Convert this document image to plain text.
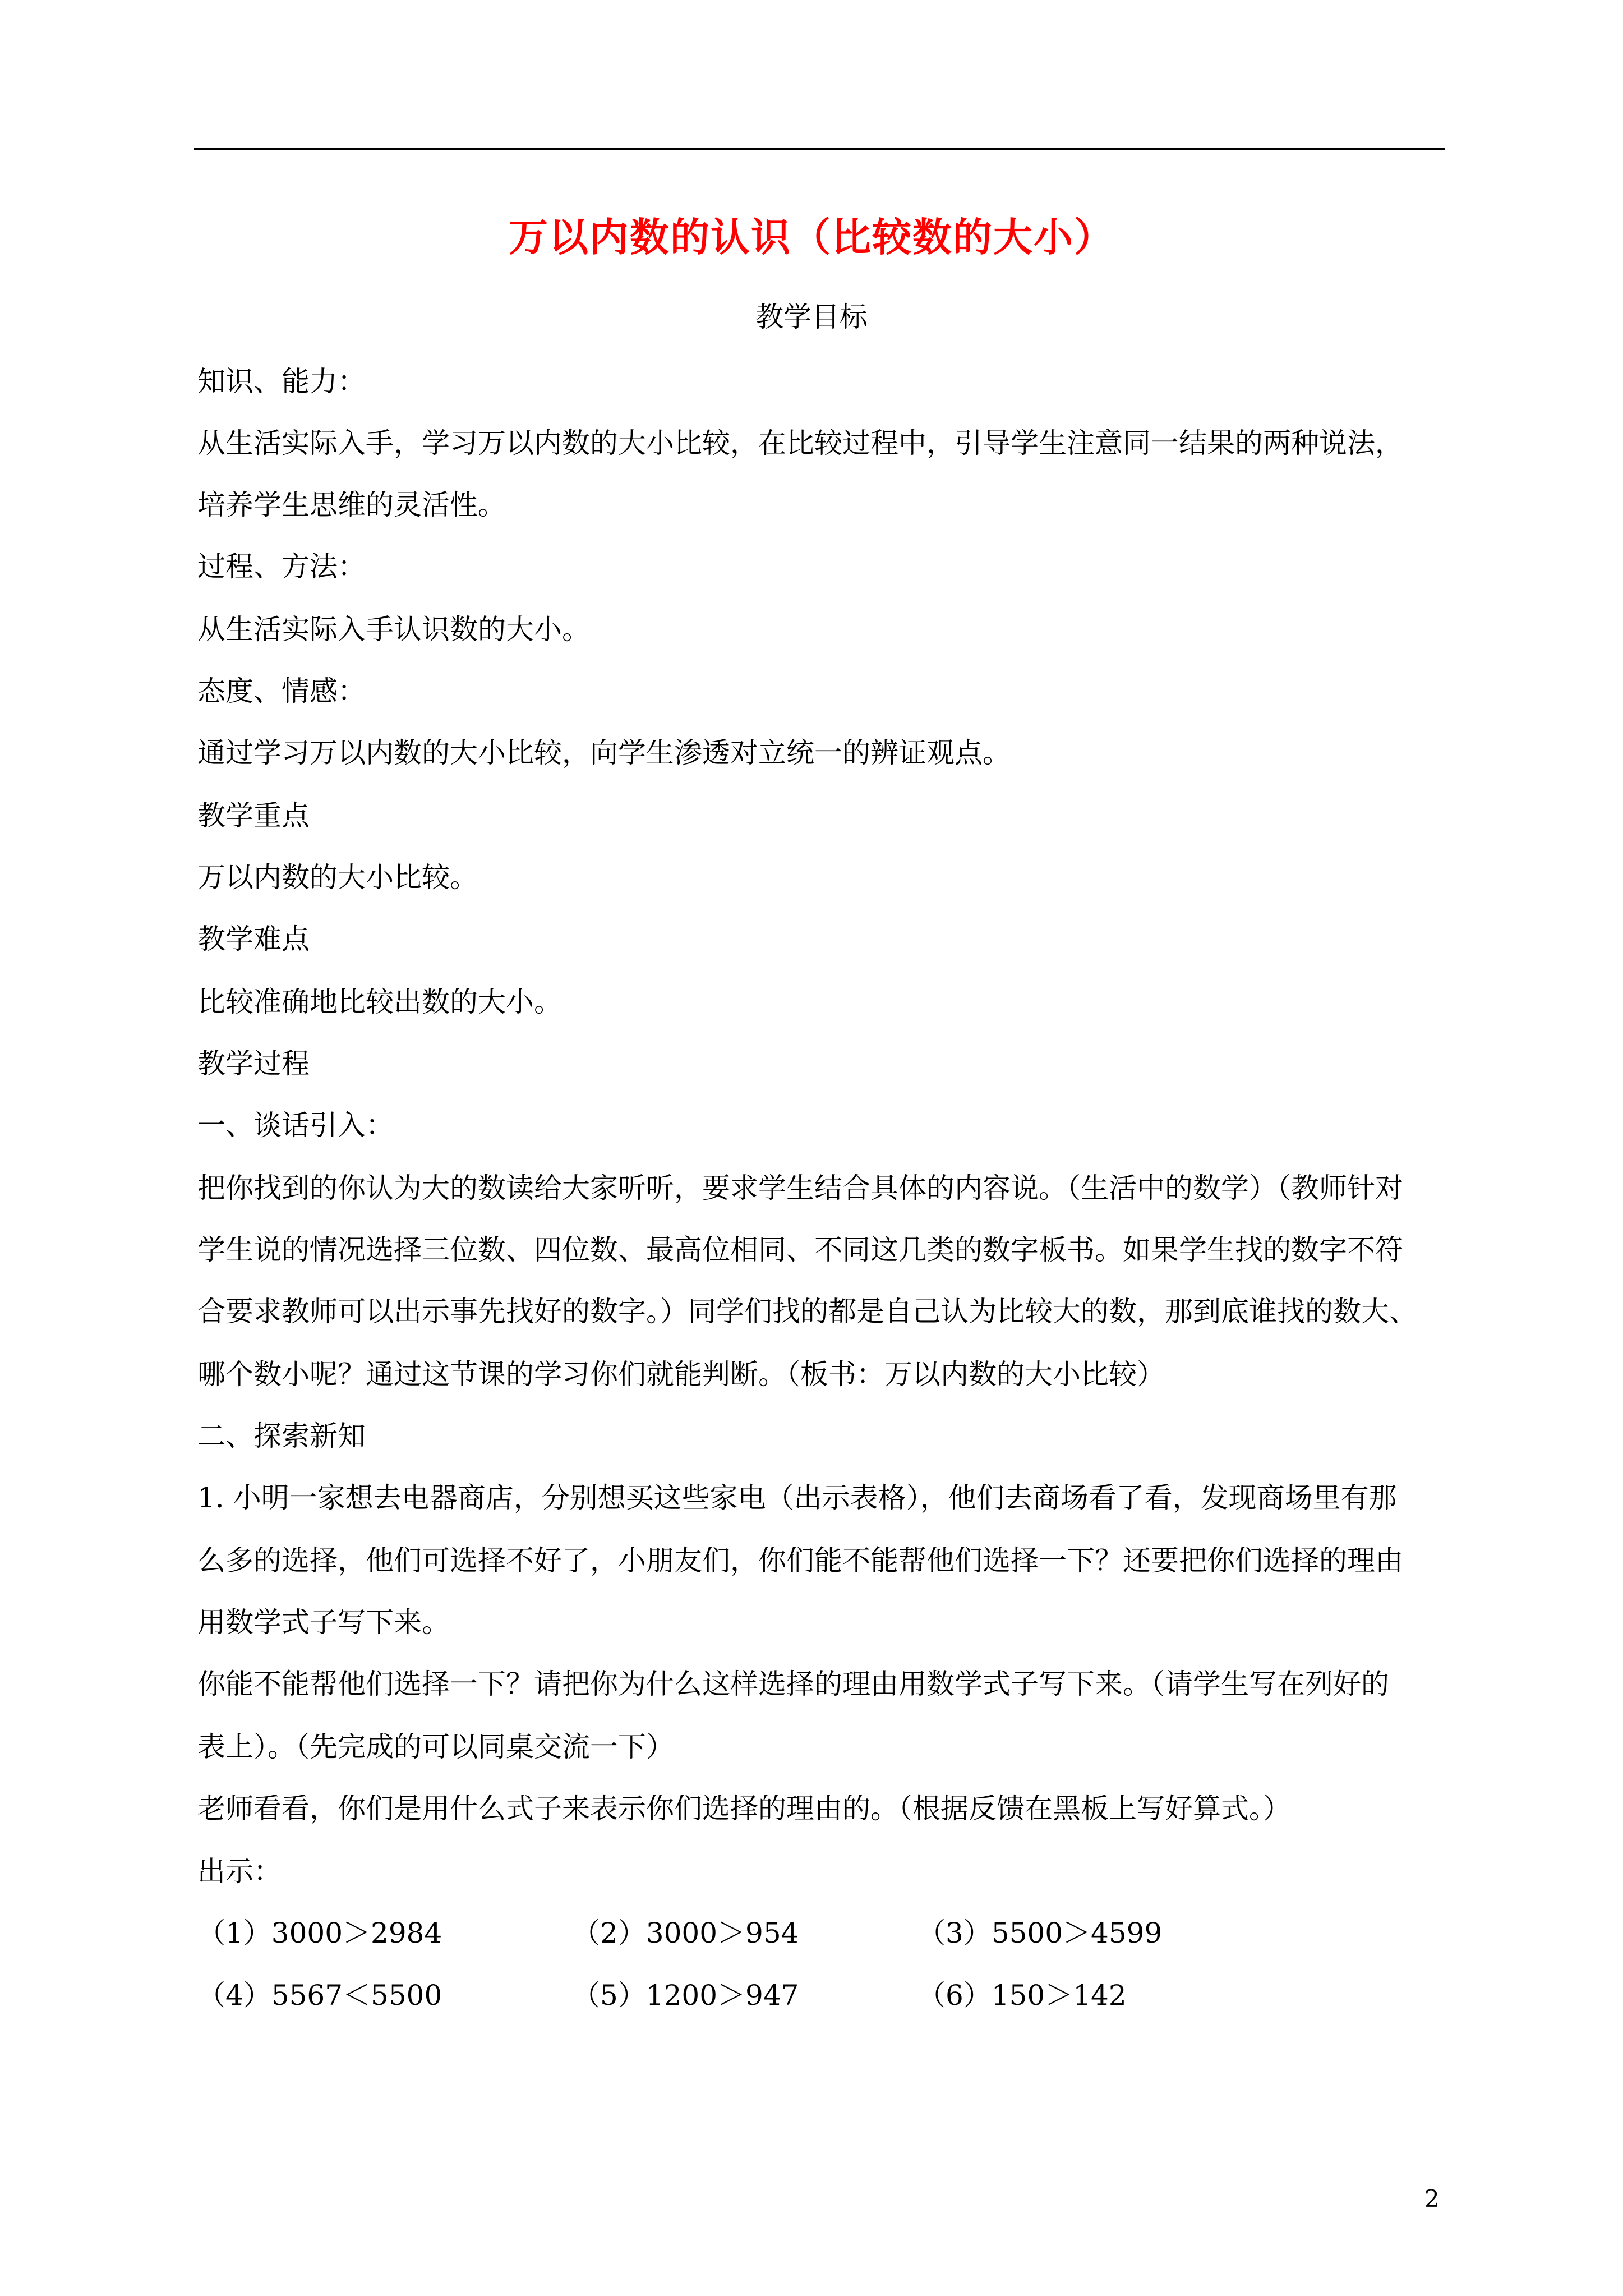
万以内数的认识（比较数的大小）
教学目标
知识、能力：
从生活实际入手，学习万以内数的大小比较，在比较过程中，引导学生注意同一结果的两种说法，
培养学生思维的灵活性。
过程、方法：
从生活实际入手认识数的大小。
态度、情感：
通过学习万以内数的大小比较，向学生渗透对立统一的辨证观点。
教学重点
万以内数的大小比较。
教学难点
比较准确地比较出数的大小。
教学过程
一、谈话引入：
把你找到的你认为大的数读给大家听听，要求学生结合具体的内容说。（生活中的数学）（教师针对
学生说的情况选择三位数、四位数、最高位相同、不同这几类的数字板书。如果学生找的数字不符
合要求教师可以出示事先找好的数字。）同学们找的都是自己认为比较大的数，那到底谁找的数大、
哪个数小呢？通过这节课的学习你们就能判断。（板书：万以内数的大小比较）
二、探索新知
1. 小明一家想去电器商店，分别想买这些家电（出示表格），他们去商场看了看，发现商场里有那
么多的选择，他们可选择不好了，小朋友们，你们能不能帮他们选择一下？还要把你们选择的理由
用数学式子写下来。
你能不能帮他们选择一下？请把你为什么这样选择的理由用数学式子写下来。（请学生写在列好的
表上）。（先完成的可以同桌交流一下）
老师看看，你们是用什么式子来表示你们选择的理由的。（根据反馈在黑板上写好算式。）
出示：
（1）3000＞2984	（2）3000＞954	（3）5500＞4599
（4）5567＜5500	（5）1200＞947	（6）150＞142
2
